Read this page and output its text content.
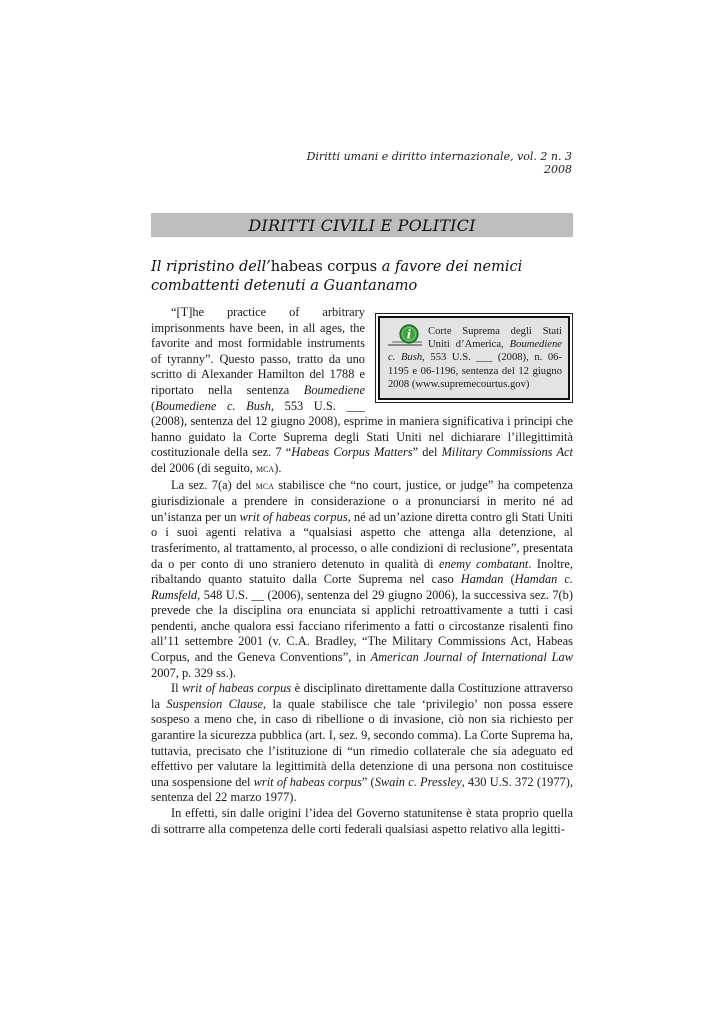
Diritti umani e diritto internazionale, vol. 2 n. 3 2008
DIRITTI CIVILI E POLITICI
Il ripristino dell’habeas corpus a favore dei nemici combattenti detenuti a Guantanamo

i Corte Suprema degli Stati Uniti d’America, Boumediene c. Bush, 553 U.S. ___ (2008), n. 06-1195 e 06-1196, sentenza del 12 giugno 2008 (www.supremecourtus.gov)
“[T]he practice of arbitrary imprisonments have been, in all ages, the favorite and most formidable instruments of tyranny”. Questo passo, tratto da uno scritto di Alexander Hamilton del 1788 e riportato nella sentenza Boumediene (Boumediene c. Bush, 553 U.S. ___ (2008), sentenza del 12 giugno 2008), esprime in maniera significativa i principi che hanno guidato la Corte Suprema degli Stati Uniti nel dichiarare l’illegittimità costituzionale della sez. 7 “Habeas Corpus Matters” del Military Commissions Act del 2006 (di seguito, mca).

La sez. 7(a) del mca stabilisce che “no court, justice, or judge” ha competenza giurisdizionale a prendere in considerazione o a pronunciarsi in merito né ad un’istanza per un writ of habeas corpus, né ad un’azione diretta contro gli Stati Uniti o i suoi agenti relativa a “qualsiasi aspetto che attenga alla detenzione, al trasferimento, al trattamento, al processo, o alle condizioni di reclusione”, presentata da o per conto di uno straniero detenuto in qualità di enemy combatant. Inoltre, ribaltando quanto statuito dalla Corte Suprema nel caso Hamdan (Hamdan c. Rumsfeld, 548 U.S. __ (2006), sentenza del 29 giugno 2006), la successiva sez. 7(b) prevede che la disciplina ora enunciata si applichi retroattivamente a tutti i casi pendenti, anche qualora essi facciano riferimento a fatti o circostanze risalenti fino all’11 settembre 2001 (v. C.A. Bradley, “The Military Commissions Act, Habeas Corpus, and the Geneva Conventions”, in American Journal of International Law 2007, p. 329 ss.).

Il writ of habeas corpus è disciplinato direttamente dalla Costituzione attraverso la Suspension Clause, la quale stabilisce che tale ‘privilegio’ non possa essere sospeso a meno che, in caso di ribellione o di invasione, ciò non sia richiesto per garantire la sicurezza pubblica (art. I, sez. 9, secondo comma). La Corte Suprema ha, tuttavia, precisato che l’istituzione di “un rimedio collaterale che sia adeguato ed effettivo per valutare la legittimità della detenzione di una persona non costituisce una sospensione del writ of habeas corpus” (Swain c. Pressley, 430 U.S. 372 (1977), sentenza del 22 marzo 1977).

In effetti, sin dalle origini l’idea del Governo statunitense è stata proprio quella di sottrarre alla competenza delle corti federali qualsiasi aspetto relativo alla legitti-
